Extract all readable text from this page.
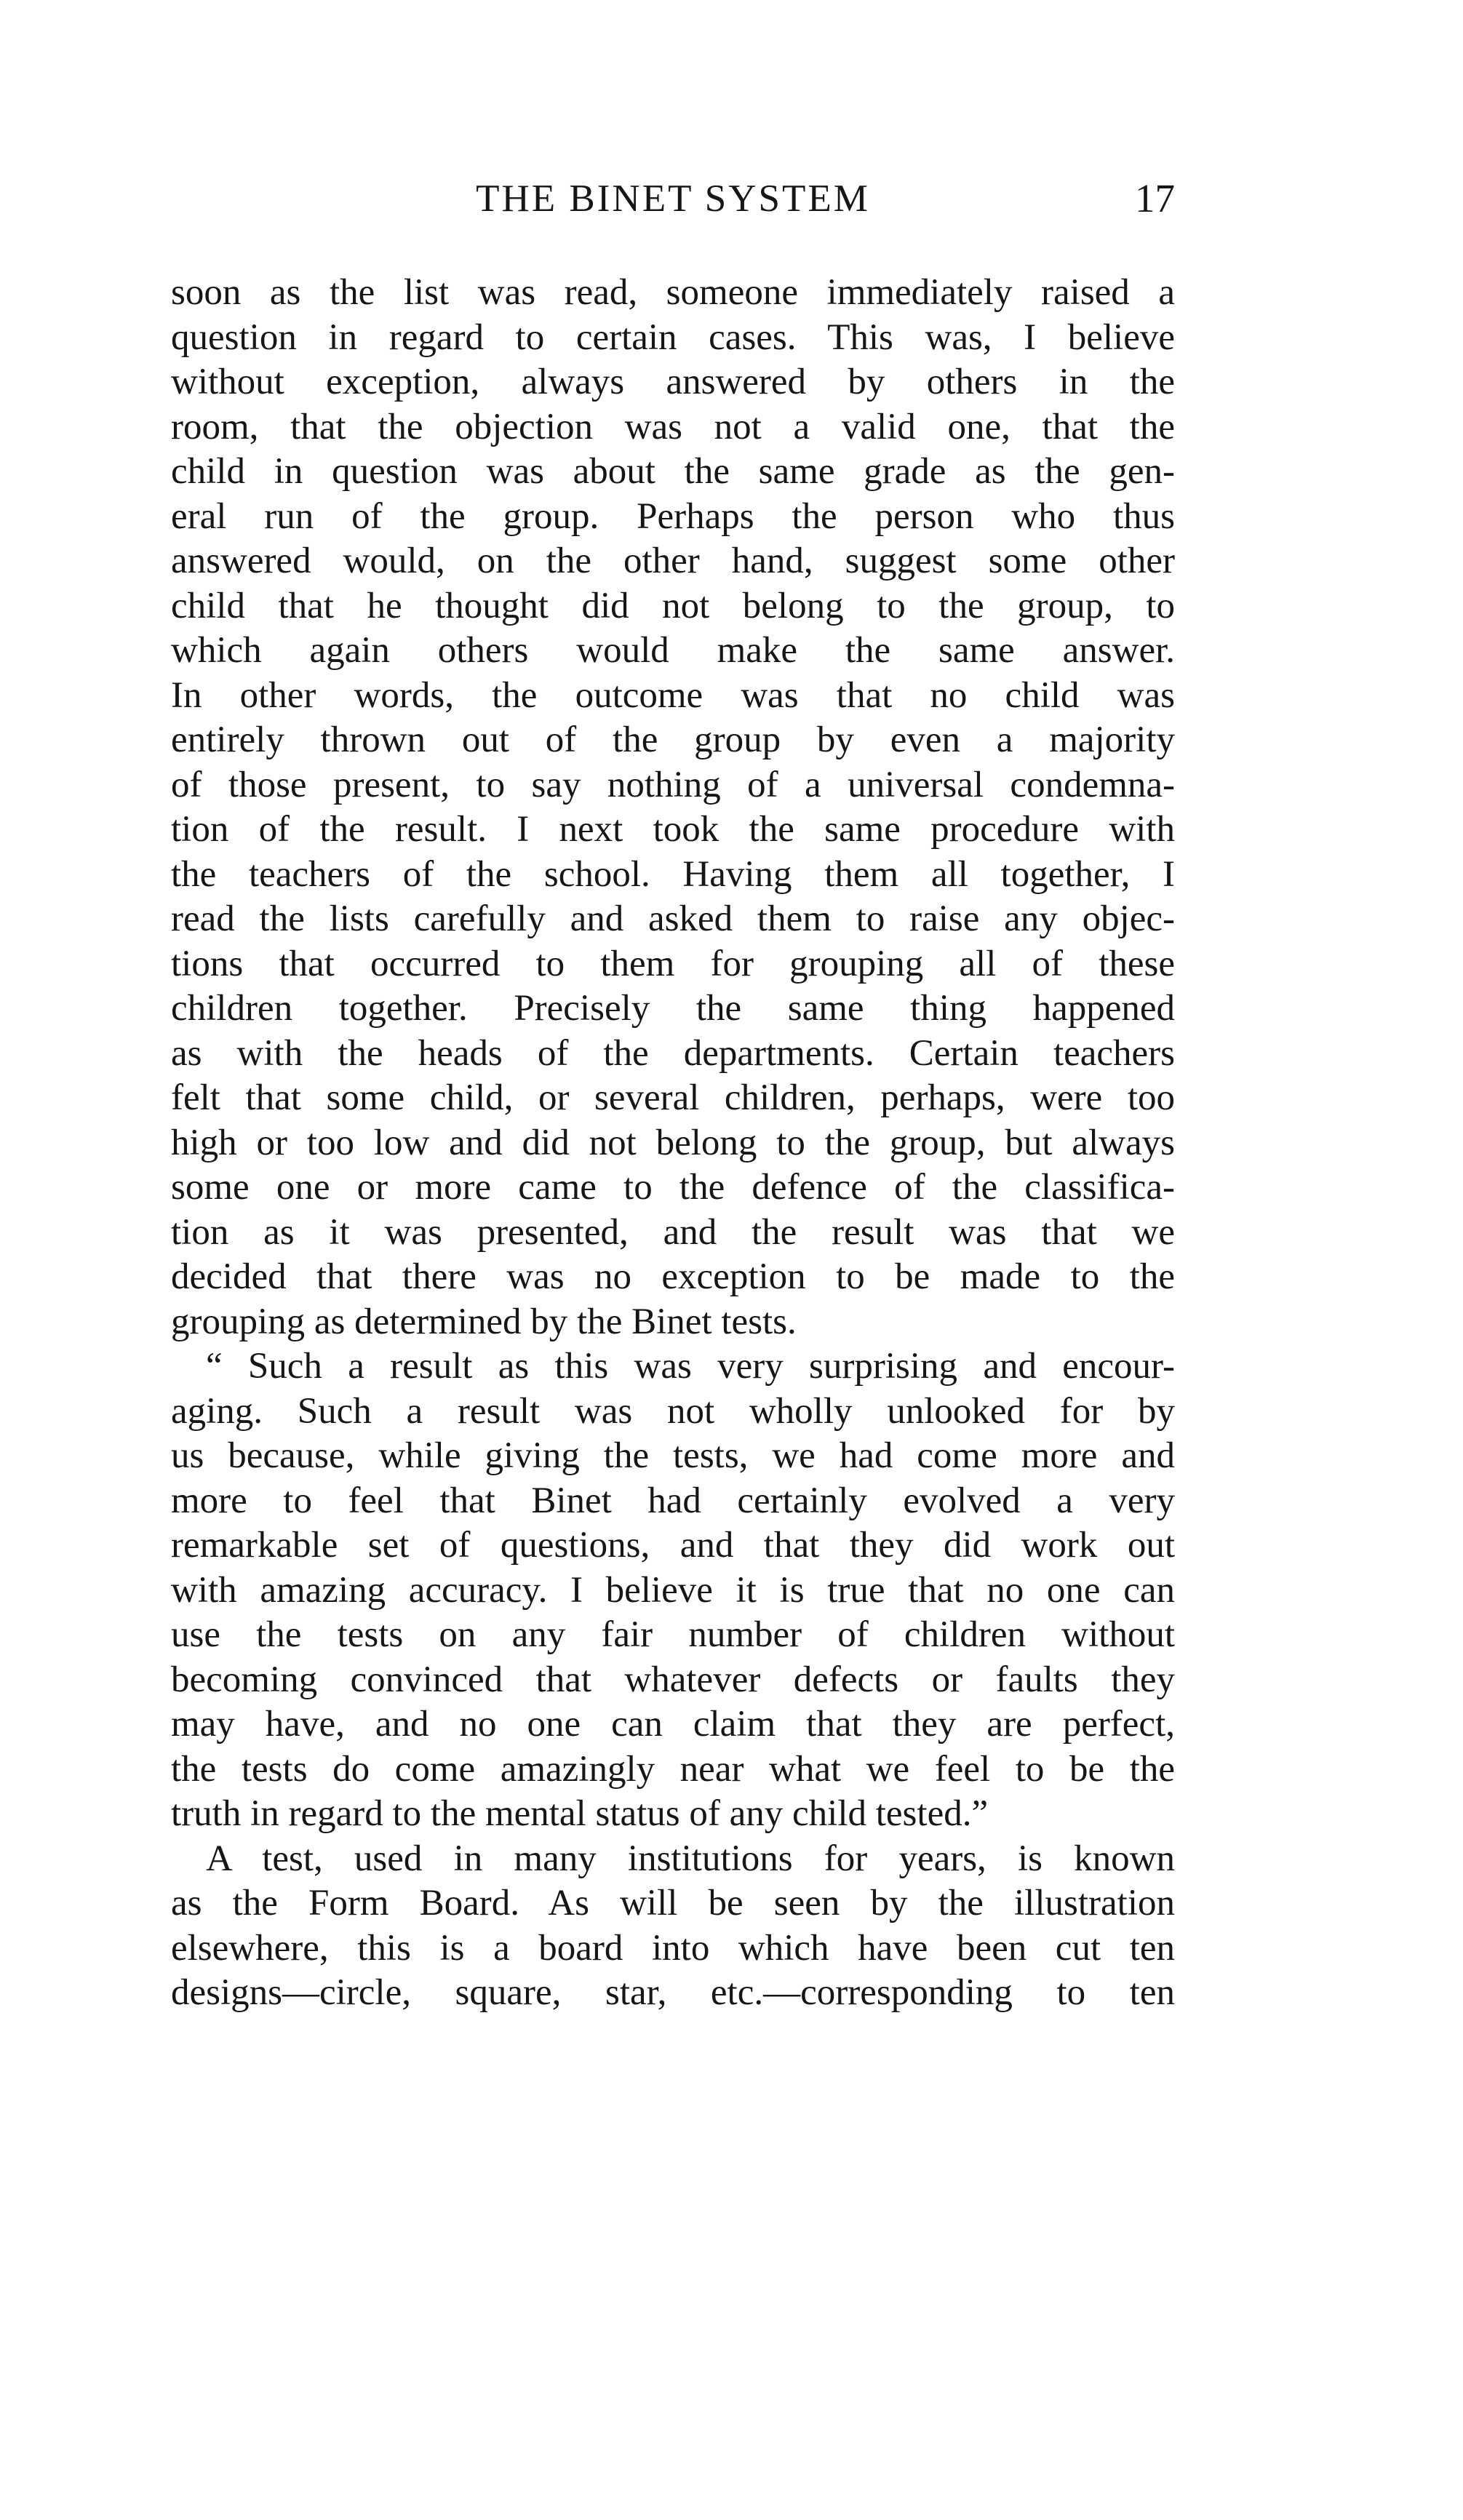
THE BINET SYSTEM	17
soon as the list was read, someone immediately raised a
question in regard to certain cases. This was, I believe
without exception, always answered by others in the
room, that the objection was not a valid one, that the
child in question was about the same grade as the gen-
eral run of the group. Perhaps the person who thus
answered would, on the other hand, suggest some other
child that he thought did not belong to the group, to
which again others would make the same answer.
In other words, the outcome was that no child was
entirely thrown out of the group by even a majority
of those present, to say nothing of a universal condemna-
tion of the result. I next took the same procedure with
the teachers of the school. Having them all together, I
read the lists carefully and asked them to raise any objec-
tions that occurred to them for grouping all of these
children together. Precisely the same thing happened
as with the heads of the departments. Certain teachers
felt that some child, or several children, perhaps, were too
high or too low and did not belong to the group, but always
some one or more came to the defence of the classifica-
tion as it was presented, and the result was that we
decided that there was no exception to be made to the
grouping as determined by the Binet tests.
“ Such a result as this was very surprising and encour-
aging. Such a result was not wholly unlooked for by
us because, while giving the tests, we had come more and
more to feel that Binet had certainly evolved a very
remarkable set of questions, and that they did work out
with amazing accuracy. I believe it is true that no one can
use the tests on any fair number of children without
becoming convinced that whatever defects or faults they
may have, and no one can claim that they are perfect,
the tests do come amazingly near what we feel to be the
truth in regard to the mental status of any child tested.”
A test, used in many institutions for years, is known
as the Form Board. As will be seen by the illustration
elsewhere, this is a board into which have been cut ten
designs—circle, square, star, etc.—corresponding to ten
